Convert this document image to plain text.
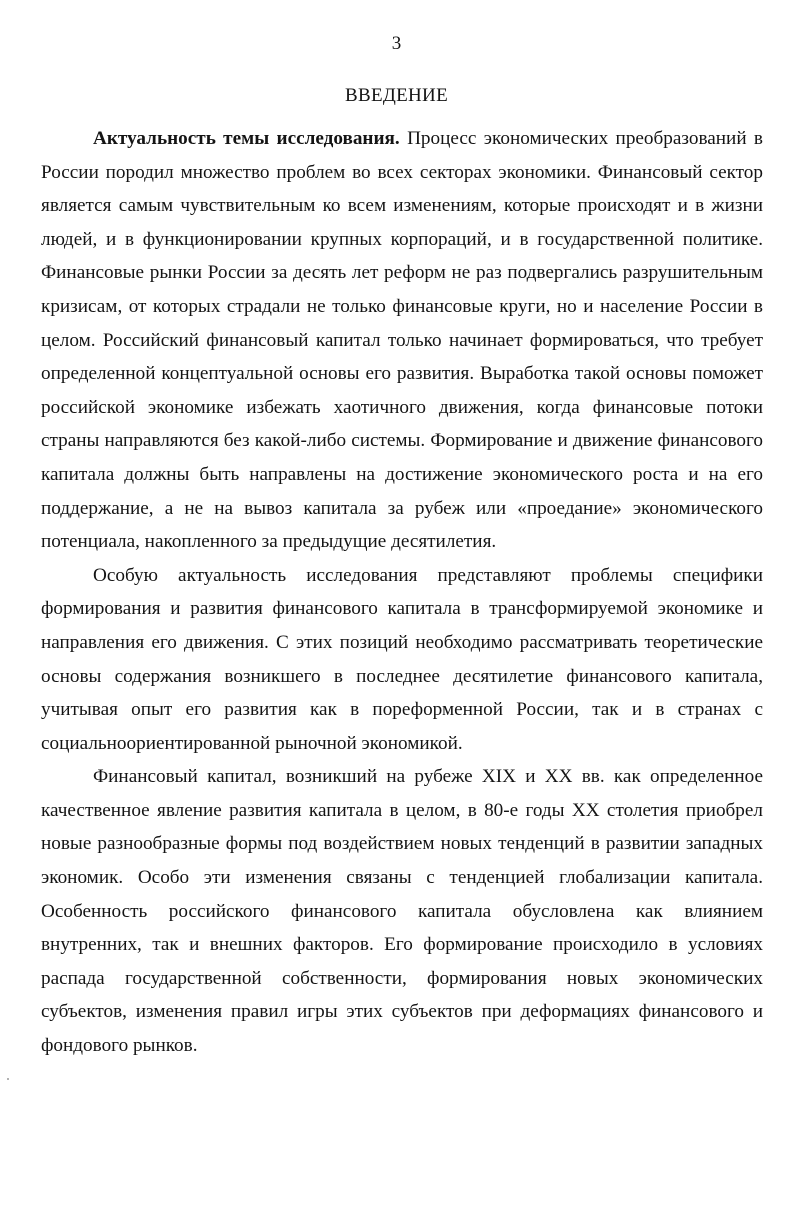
3
ВВЕДЕНИЕ

Актуальность темы исследования. Процесс экономических преобразований в России породил множество проблем во всех секторах экономики. Финансовый сектор является самым чувствительным ко всем изменениям, которые происходят и в жизни людей, и в функционировании крупных корпораций, и в государственной политике. Финансовые рынки России за десять лет реформ не раз подвергались разрушительным кризисам, от которых страдали не только финансовые круги, но и население России в целом. Российский финансовый капитал только начинает формироваться, что требует определенной концептуальной основы его развития. Выработка такой основы поможет российской экономике избежать хаотичного движения, когда финансовые потоки страны направляются без какой-либо системы. Формирование и движение финансового капитала должны быть направлены на достижение экономического роста и на его поддержание, а не на вывоз капитала за рубеж или «проедание» экономического потенциала, накопленного за предыдущие десятилетия.

Особую актуальность исследования представляют проблемы специфики формирования и развития финансового капитала в трансформируемой экономике и направления его движения. С этих позиций необходимо рассматривать теоретические основы содержания возникшего в последнее десятилетие финансового капитала, учитывая опыт его развития как в пореформенной России, так и в странах с социальноориентированной рыночной экономикой.

Финансовый капитал, возникший на рубеже XIX и XX вв. как определенное качественное явление развития капитала в целом, в 80-е годы XX столетия приобрел новые разнообразные формы под воздействием новых тенденций в развитии западных экономик. Особо эти изменения связаны с тенденцией глобализации капитала. Особенность российского финансового капитала обусловлена как влиянием внутренних, так и внешних факторов. Его формирование происходило в условиях распада государственной собственности, формирования новых экономических субъектов, изменения правил игры этих субъектов при деформациях финансового и фондового рынков.
